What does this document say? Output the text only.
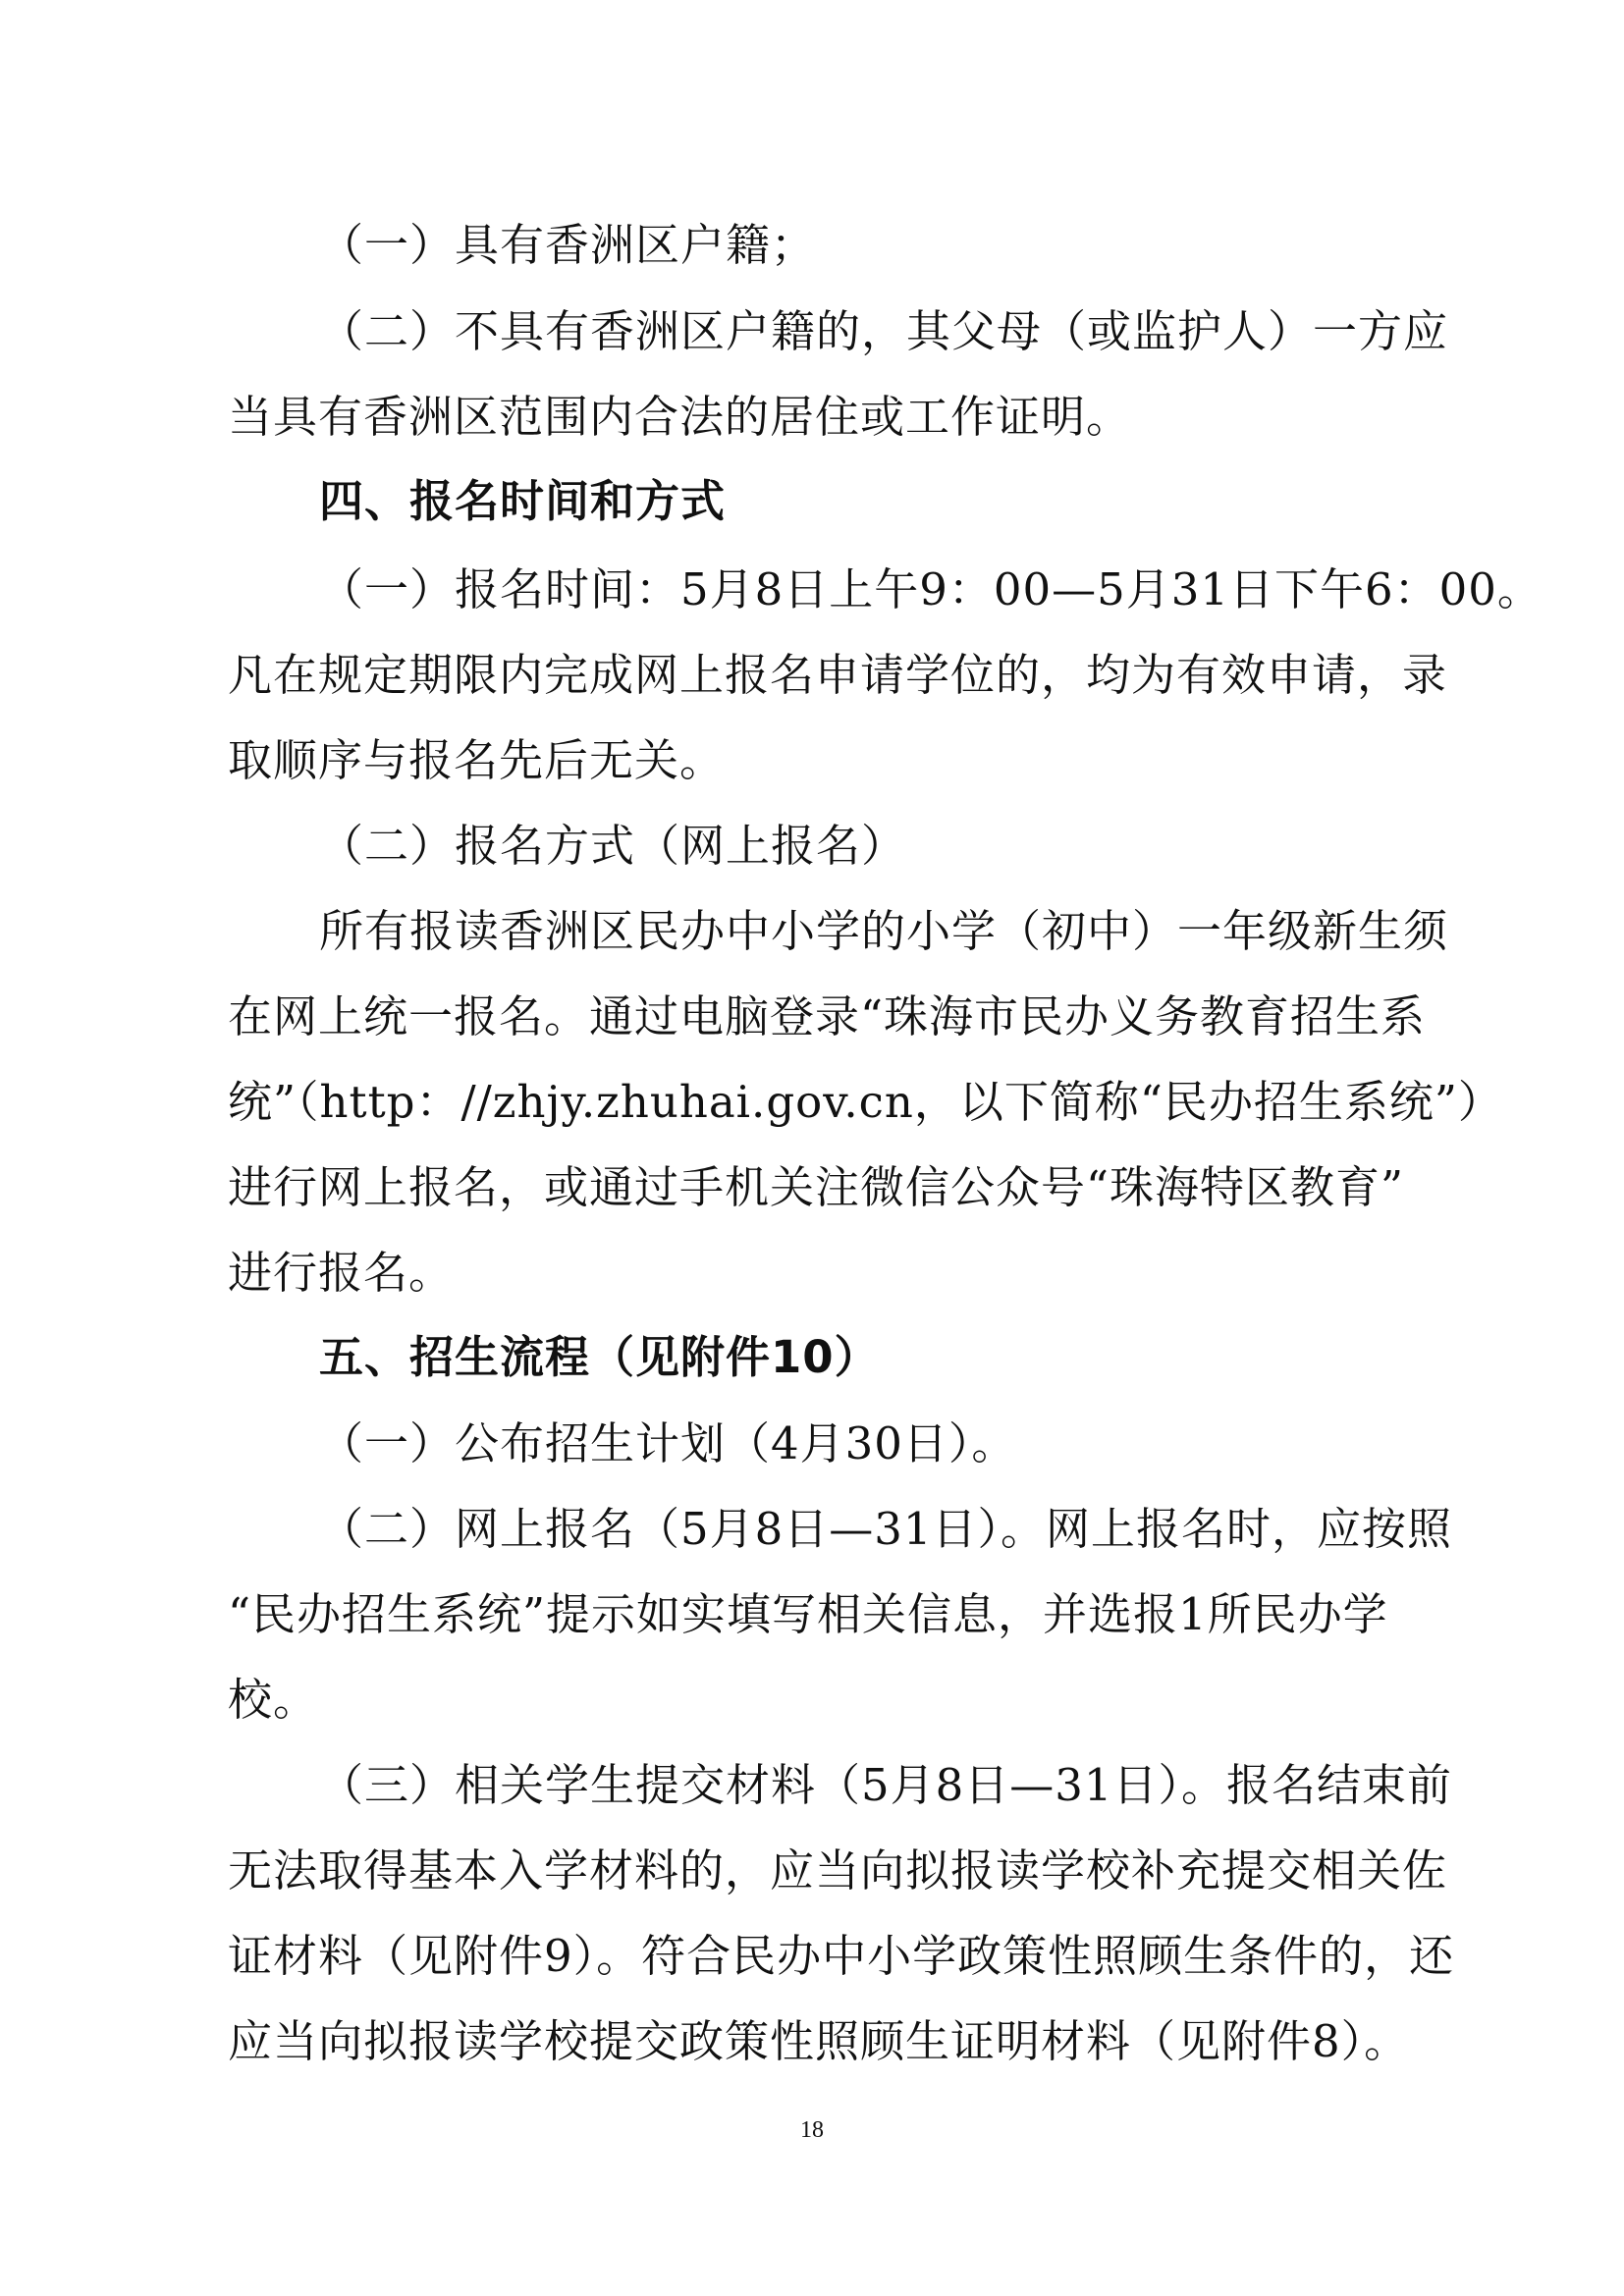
（一）具有香洲区户籍；
（二）不具有香洲区户籍的，其父母（或监护人）一方应
当具有香洲区范围内合法的居住或工作证明。
四、报名时间和方式
（一）报名时间：5月8日上午9：00—5月31日下午6：00。
凡在规定期限内完成网上报名申请学位的，均为有效申请，录
取顺序与报名先后无关。
（二）报名方式（网上报名）
所有报读香洲区民办中小学的小学（初中）一年级新生须
在网上统一报名。通过电脑登录“珠海市民办义务教育招生系
统”（http：//zhjy.zhuhai.gov.cn，以下简称“民办招生系统”）
进行网上报名，或通过手机关注微信公众号“珠海特区教育”
进行报名。
五、招生流程（见附件10）
（一）公布招生计划（4月30日）。
（二）网上报名（5月8日—31日）。网上报名时，应按照
“民办招生系统”提示如实填写相关信息，并选报1所民办学
校。
（三）相关学生提交材料（5月8日—31日）。报名结束前
无法取得基本入学材料的，应当向拟报读学校补充提交相关佐
证材料（见附件9）。符合民办中小学政策性照顾生条件的，还
应当向拟报读学校提交政策性照顾生证明材料（见附件8）。
18
